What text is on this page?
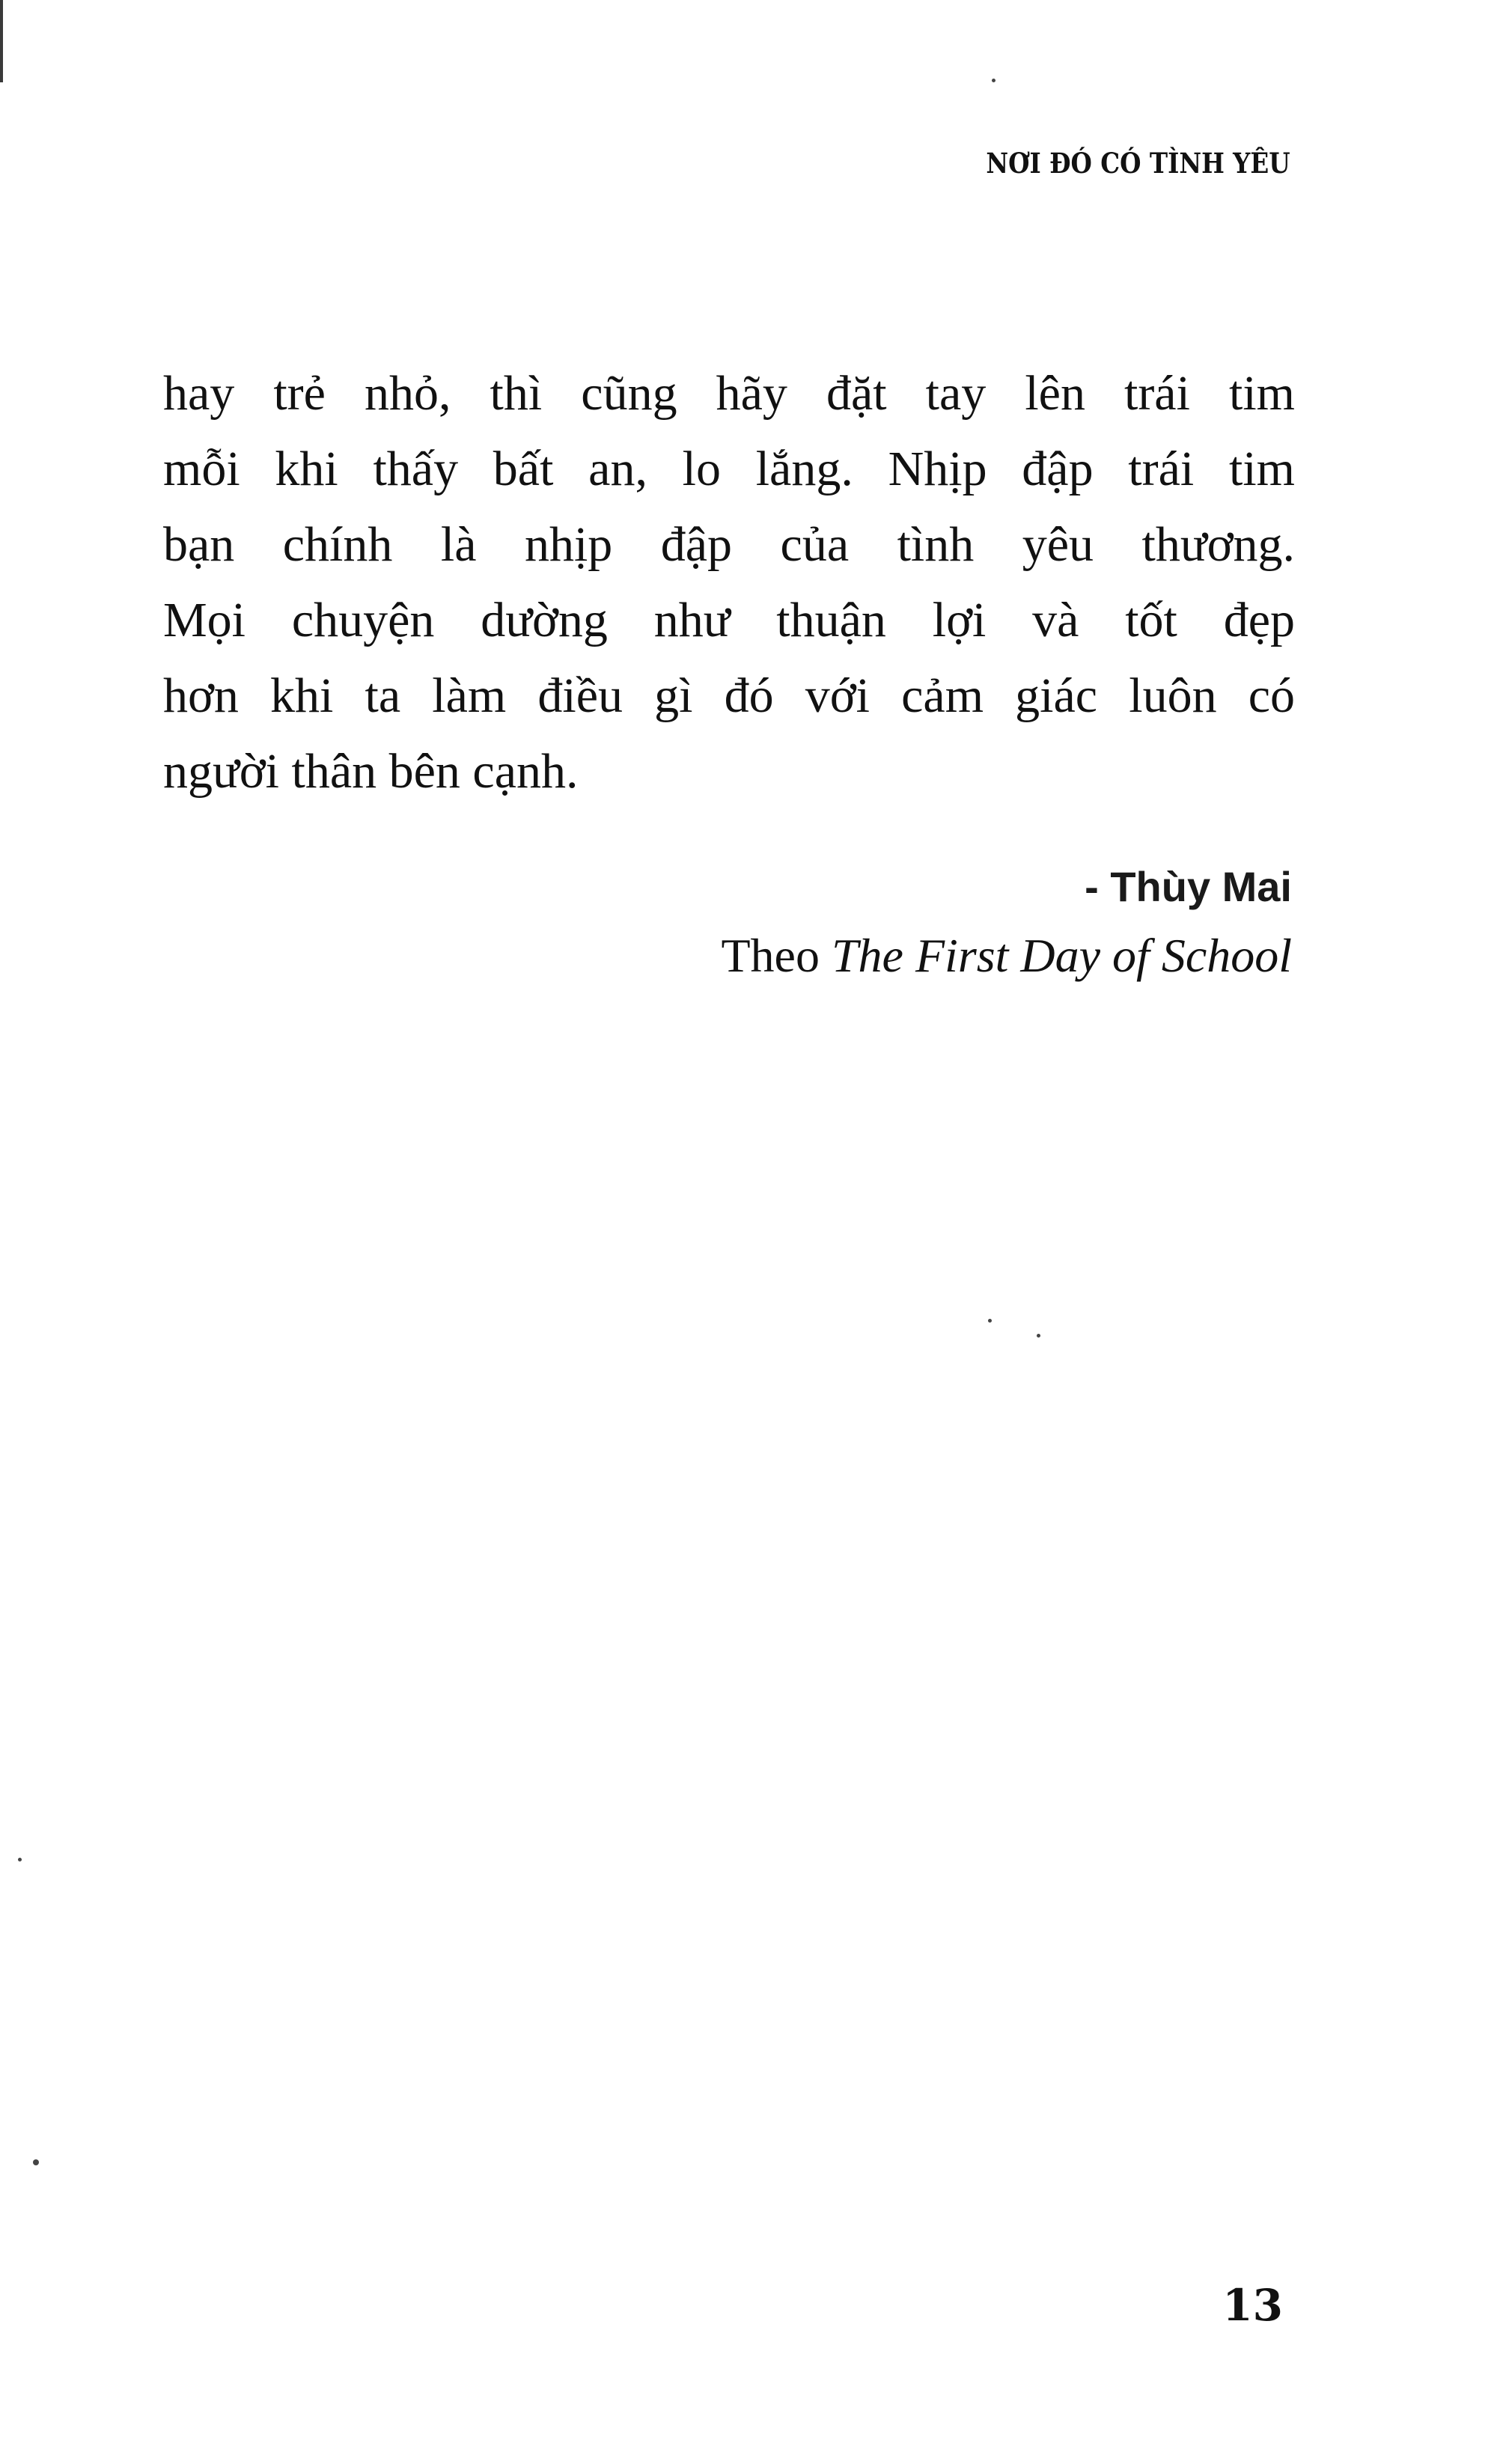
NƠI ĐÓ CÓ TÌNH YÊU
hay trẻ nhỏ, thì cũng hãy đặt tay lên trái tim
mỗi khi thấy bất an, lo lắng. Nhịp đập trái tim
bạn chính là nhịp đập của tình yêu thương.
Mọi chuyện dường như thuận lợi và tốt đẹp
hơn khi ta làm điều gì đó với cảm giác luôn có
người thân bên cạnh.
- Thùy Mai
Theo The First Day of School
13
